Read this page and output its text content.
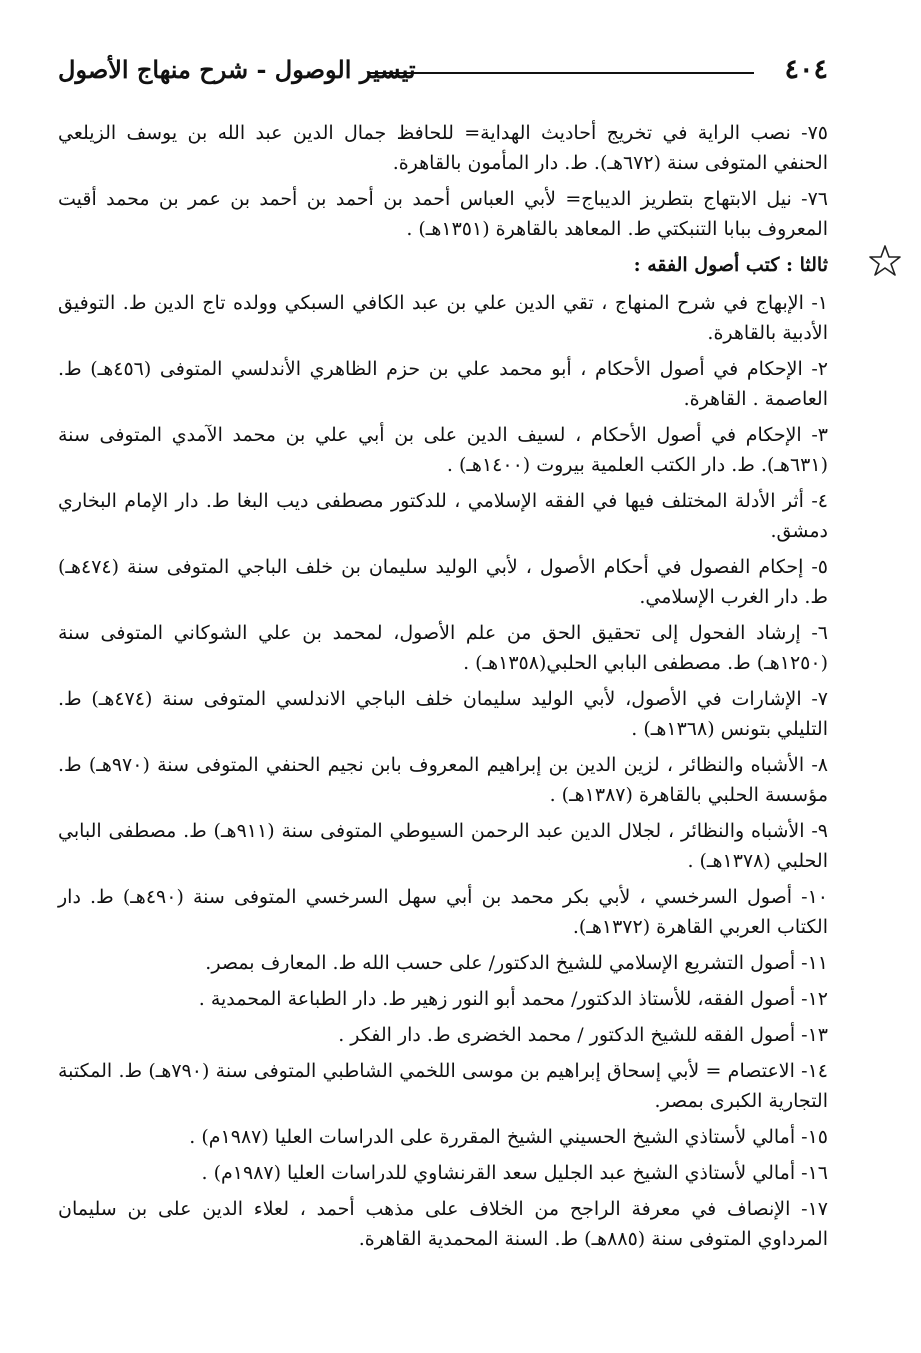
٤٠٤
تيسير الوصول - شرح منهاج الأصول
٧٥- نصب الراية في تخريج أحاديث الهداية= للحافظ جمال الدين عبد الله بن يوسف الزيلعي الحنفي المتوفى سنة (٦٧٢هـ). ط. دار المأمون بالقاهرة.
٧٦- نيل الابتهاج بتطريز الديباج= لأبي العباس أحمد بن أحمد بن أحمد بن عمر بن محمد أقيت المعروف ببابا التنبكتي ط. المعاهد بالقاهرة (١٣٥١هـ) .
ثالثا : كتب أصول الفقه :
١- الإبهاج في شرح المنهاج ، تقي الدين علي بن عبد الكافي السبكي وولده تاج الدين ط. التوفيق الأدبية بالقاهرة.
٢- الإحكام في أصول الأحكام ، أبو محمد علي بن حزم الظاهري الأندلسي المتوفى (٤٥٦هـ) ط. العاصمة . القاهرة.
٣- الإحكام في أصول الأحكام ، لسيف الدين على بن أبي علي بن محمد الآمدي المتوفى سنة (٦٣١هـ). ط. دار الكتب العلمية بيروت (١٤٠٠هـ) .
٤- أثر الأدلة المختلف فيها في الفقه الإسلامي ، للدكتور مصطفى ديب البغا ط. دار الإمام البخاري دمشق.
٥- إحكام الفصول في أحكام الأصول ، لأبي الوليد سليمان بن خلف الباجي المتوفى سنة (٤٧٤هـ) ط. دار الغرب الإسلامي.
٦- إرشاد الفحول إلى تحقيق الحق من علم الأصول، لمحمد بن علي الشوكاني المتوفى سنة (١٢٥٠هـ) ط. مصطفى البابي الحلبي(١٣٥٨هـ) .
٧- الإشارات في الأصول، لأبي الوليد سليمان خلف الباجي الاندلسي المتوفى سنة (٤٧٤هـ) ط. التليلي بتونس (١٣٦٨هـ) .
٨- الأشباه والنظائر ، لزين الدين بن إبراهيم المعروف بابن نجيم الحنفي المتوفى سنة (٩٧٠هـ) ط. مؤسسة الحلبي بالقاهرة (١٣٨٧هـ) .
٩- الأشباه والنظائر ، لجلال الدين عبد الرحمن السيوطي المتوفى سنة (٩١١هـ) ط. مصطفى البابي الحلبي (١٣٧٨هـ) .
١٠- أصول السرخسي ، لأبي بكر محمد بن أبي سهل السرخسي المتوفى سنة (٤٩٠هـ) ط. دار الكتاب العربي القاهرة (١٣٧٢هـ).
١١- أصول التشريع الإسلامي للشيخ الدكتور/ على حسب الله ط. المعارف بمصر.
١٢- أصول الفقه، للأستاذ الدكتور/ محمد أبو النور زهير ط. دار الطباعة المحمدية .
١٣- أصول الفقه للشيخ الدكتور / محمد الخضرى ط. دار الفكر .
١٤- الاعتصام = لأبي إسحاق إبراهيم بن موسى اللخمي الشاطبي المتوفى سنة (٧٩٠هـ) ط. المكتبة التجارية الكبرى بمصر.
١٥- أمالي لأستاذي الشيخ الحسيني الشيخ المقررة على الدراسات العليا (١٩٨٧م) .
١٦- أمالي لأستاذي الشيخ عبد الجليل سعد القرنشاوي للدراسات العليا (١٩٨٧م) .
١٧- الإنصاف في معرفة الراجح من الخلاف على مذهب أحمد ، لعلاء الدين على بن سليمان المرداوي المتوفى سنة (٨٨٥هـ) ط. السنة المحمدية القاهرة.
